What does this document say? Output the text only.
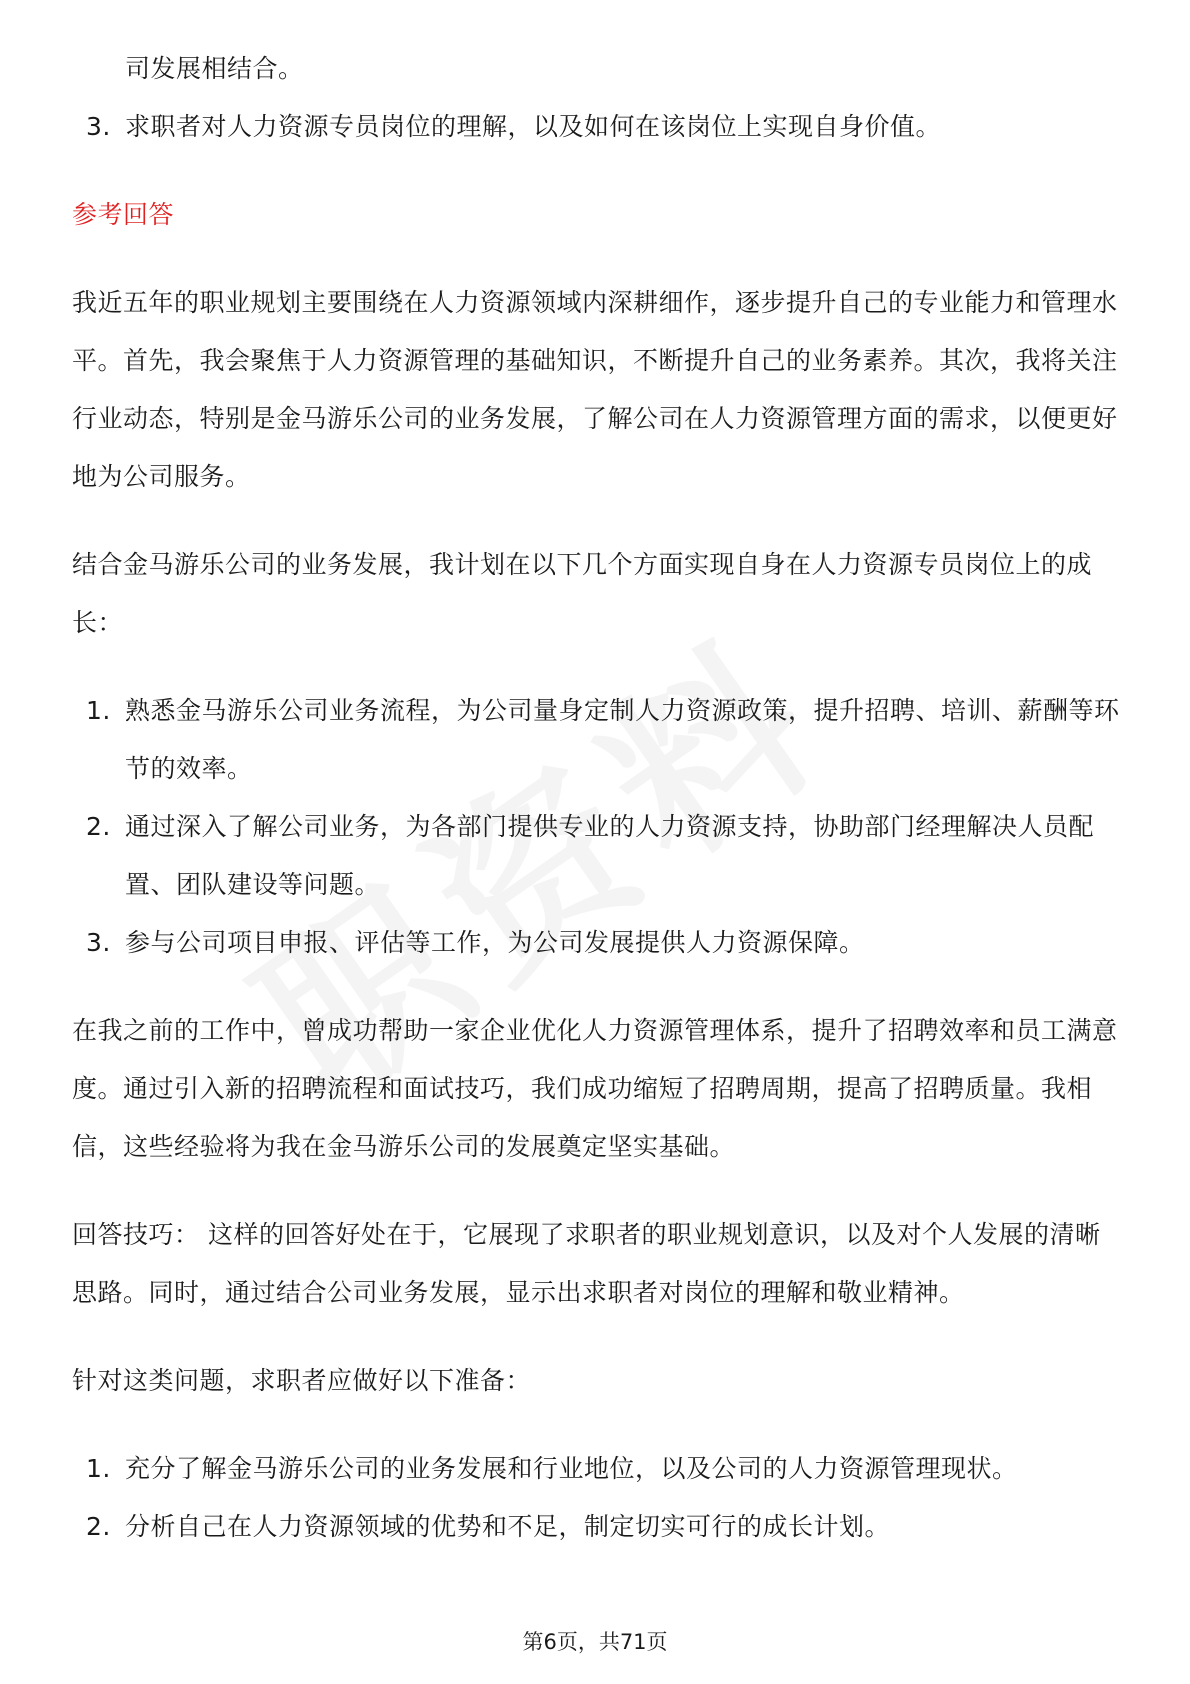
司发展相结合。

3. 求职者对人力资源专员岗位的理解，以及如何在该岗位上实现自身价值。

参考回答

我近五年的职业规划主要围绕在人力资源领域内深耕细作，逐步提升自己的专业能力和管理水平。首先，我会聚焦于人力资源管理的基础知识，不断提升自己的业务素养。其次，我将关注行业动态，特别是金马游乐公司的业务发展，了解公司在人力资源管理方面的需求，以便更好地为公司服务。

结合金马游乐公司的业务发展，我计划在以下几个方面实现自身在人力资源专员岗位上的成长：

1. 熟悉金马游乐公司业务流程，为公司量身定制人力资源政策，提升招聘、培训、薪酬等环节的效率。
2. 通过深入了解公司业务，为各部门提供专业的人力资源支持，协助部门经理解决人员配置、团队建设等问题。
3. 参与公司项目申报、评估等工作，为公司发展提供人力资源保障。

在我之前的工作中，曾成功帮助一家企业优化人力资源管理体系，提升了招聘效率和员工满意度。通过引入新的招聘流程和面试技巧，我们成功缩短了招聘周期，提高了招聘质量。我相信，这些经验将为我在金马游乐公司的发展奠定坚实基础。

回答技巧： 这样的回答好处在于，它展现了求职者的职业规划意识，以及对个人发展的清晰思路。同时，通过结合公司业务发展，显示出求职者对岗位的理解和敬业精神。

针对这类问题，求职者应做好以下准备：

1. 充分了解金马游乐公司的业务发展和行业地位，以及公司的人力资源管理现状。
2. 分析自己在人力资源领域的优势和不足，制定切实可行的成长计划。
第6页，共71页
